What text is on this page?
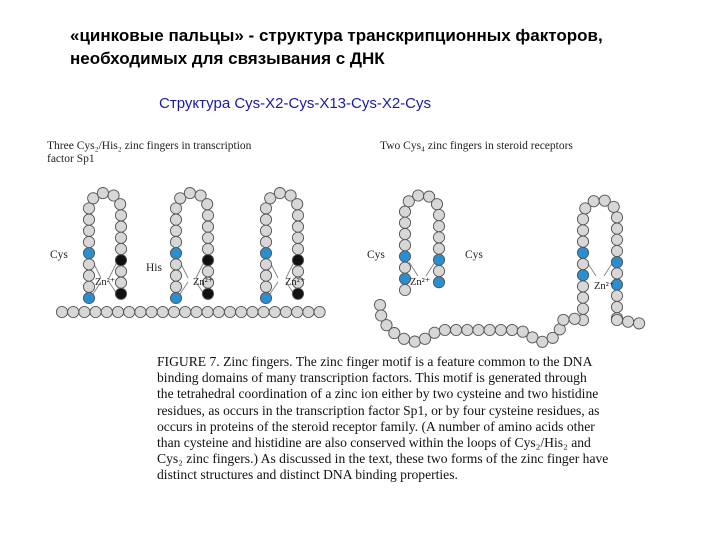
«цинковые пальцы» - структура транскрипционных факторов,
необходимых для связывания с ДНК
Структура Cys-X2-Cys-X13-Cys-X2-Cys
Three Cys₂/His₂ zinc fingers in transcription
factor Sp1
Two Cys₄ zinc fingers in steroid receptors
Cys
His
Zn²⁺	Zn²⁺	Zn²⁺
Cys	Cys
Zn²⁺	Zn²⁺
FIGURE 7. Zinc fingers. The zinc finger motif is a feature common to the DNA
binding domains of many transcription factors. This motif is generated through
the tetrahedral coordination of a zinc ion either by two cysteine and two histidine
residues, as occurs in the transcription factor Sp1, or by four cysteine residues, as
occurs in proteins of the steroid receptor family. (A number of amino acids other
than cysteine and histidine are also conserved within the loops of Cys₂/His₂ and
Cys₂ zinc fingers.) As discussed in the text, these two forms of the zinc finger have
distinct structures and distinct DNA binding properties.
